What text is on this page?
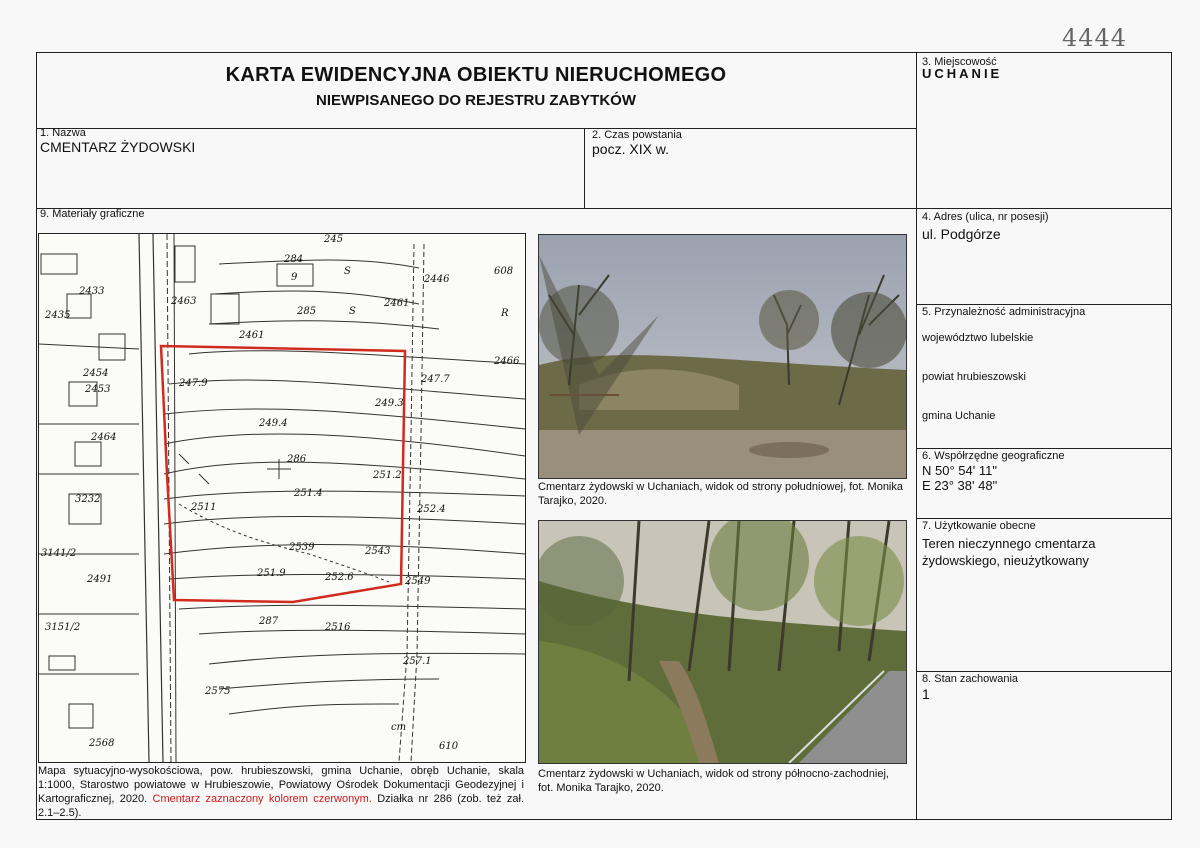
4444
KARTA EWIDENCYJNA OBIEKTU NIERUCHOMEGO
NIEWPISANEGO DO REJESTRU ZABYTKÓW
3. Miejscowość
UCHANIE
1. Nazwa
CMENTARZ ŻYDOWSKI
2. Czas powstania
pocz. XIX w.
9. Materiały graficzne	4. Adres (ulica, nr posesji)
ul. Podgórze
5. Przynależność administracyjna
województwo lubelskie
powiat hrubieszowski
gmina Uchanie
6. Współrzędne geograficzne
N 50° 54' 11"
E 23° 38' 48"
7. Użytkowanie obecne
Teren nieczynnego cmentarza żydowskiego, nieużytkowany
8. Stan zachowania
1
245
2433
2435
284
9
285
S
S
608
2446
R
2461
2466
247.7
247.9
249.3
249.4
286
251.2
251.4
252.4
2511
2539	2543
251.9	252.6	2549
287
2516
257.1
2575
2568	610
cm
3232
2491
3141/2
3151/2
2464
2454
2453
2461
2463
Mapa sytuacyjno-wysokościowa, pow. hrubieszowski, gmina Uchanie, obręb Uchanie, skala 1:1000, Starostwo powiatowe w Hrubieszowie, Powiatowy Ośrodek Dokumentacji Geodezyjnej i Kartograficznej, 2020. Cmentarz zaznaczony kolorem czerwonym. Działka nr 286 (zob. też zał. 2.1–2.5).
Cmentarz żydowski w Uchaniach, widok od strony południowej, fot. Monika Tarajko, 2020.
Cmentarz żydowski w Uchaniach, widok od strony północno-zachodniej, fot. Monika Tarajko, 2020.
